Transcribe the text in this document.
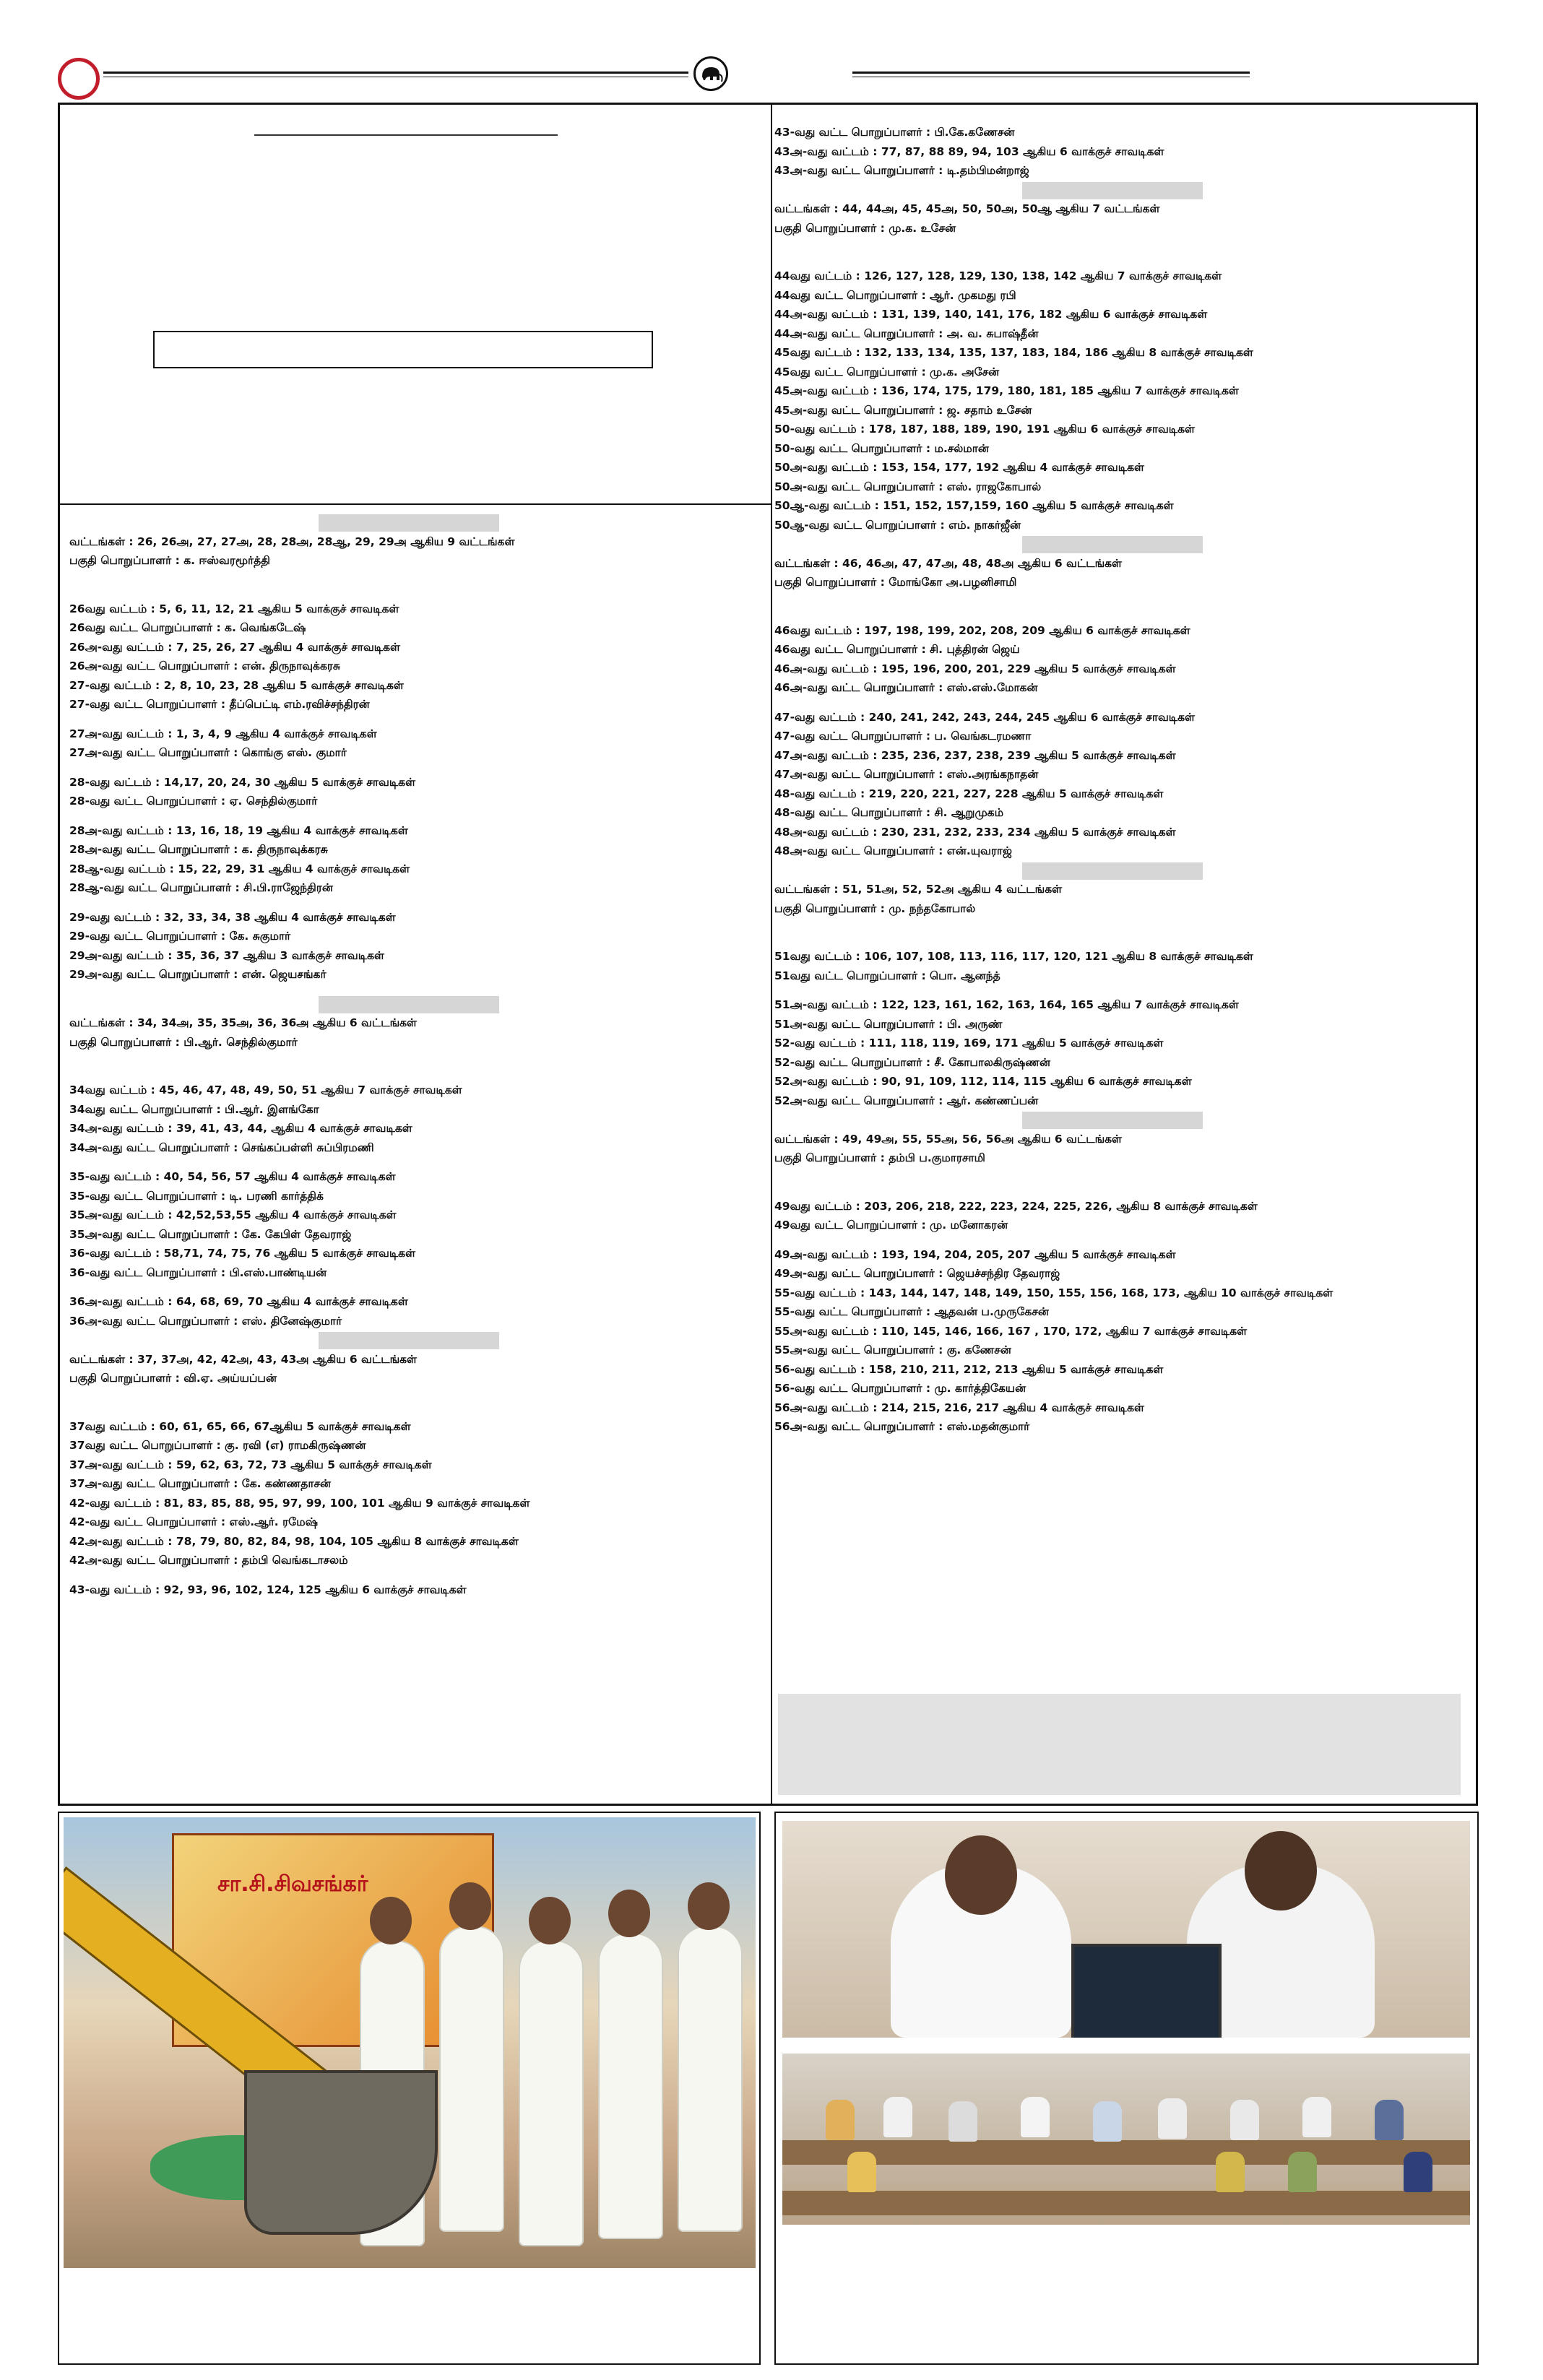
வட்டங்கள் : 26, 26அ, 27, 27அ, 28, 28அ, 28ஆ, 29, 29அ ஆகிய 9 வட்டங்கள்
பகுதி பொறுப்பாளர் : க. ஈஸ்வரமூர்த்தி
26வது வட்டம் : 5, 6, 11, 12, 21 ஆகிய 5 வாக்குச் சாவடிகள்
26வது வட்ட பொறுப்பாளர் : க. வெங்கடேஷ்
26அ-வது வட்டம் : 7, 25, 26, 27 ஆகிய 4 வாக்குச் சாவடிகள்
26அ-வது வட்ட பொறுப்பாளர் : என். திருநாவுக்கரசு
27-வது வட்டம் : 2, 8, 10, 23, 28 ஆகிய 5 வாக்குச் சாவடிகள்
27-வது வட்ட பொறுப்பாளர் : தீப்பெட்டி எம்.ரவிச்சந்திரன்
27அ-வது வட்டம் : 1, 3, 4, 9 ஆகிய 4 வாக்குச் சாவடிகள்
27அ-வது வட்ட பொறுப்பாளர் : கொங்கு எஸ். குமார்
28-வது வட்டம் : 14,17, 20, 24, 30 ஆகிய 5 வாக்குச் சாவடிகள்
28-வது வட்ட பொறுப்பாளர் : ஏ. செந்தில்குமார்
28அ-வது வட்டம் : 13, 16, 18, 19 ஆகிய 4 வாக்குச் சாவடிகள்
28அ-வது வட்ட பொறுப்பாளர் : க. திருநாவுக்கரசு
28ஆ-வது வட்டம் : 15, 22, 29, 31 ஆகிய 4 வாக்குச் சாவடிகள்
28ஆ-வது வட்ட பொறுப்பாளர் : சி.பி.ராஜேந்திரன்
29-வது வட்டம் : 32, 33, 34, 38 ஆகிய 4 வாக்குச் சாவடிகள்
29-வது வட்ட பொறுப்பாளர் : கே. சுகுமார்
29அ-வது வட்டம் : 35, 36, 37 ஆகிய 3 வாக்குச் சாவடிகள்
29அ-வது வட்ட பொறுப்பாளர் : என். ஜெயசங்கர்
வட்டங்கள் : 34, 34அ, 35, 35அ, 36, 36அ ஆகிய 6 வட்டங்கள்
பகுதி பொறுப்பாளர் : பி.ஆர். செந்தில்குமார்
34வது வட்டம் : 45, 46, 47, 48, 49, 50, 51 ஆகிய 7 வாக்குச் சாவடிகள்
34வது வட்ட பொறுப்பாளர் : பி.ஆர். இளங்கோ
34அ-வது வட்டம் : 39, 41, 43, 44, ஆகிய 4 வாக்குச் சாவடிகள்
34அ-வது வட்ட பொறுப்பாளர் : செங்கப்பள்ளி சுப்பிரமணி
35-வது வட்டம் : 40, 54, 56, 57 ஆகிய 4 வாக்குச் சாவடிகள்
35-வது வட்ட பொறுப்பாளர் : டி. பரணி கார்த்திக்
35அ-வது வட்டம் : 42,52,53,55 ஆகிய 4 வாக்குச் சாவடிகள்
35அ-வது வட்ட பொறுப்பாளர் : கே. கேபிள் தேவராஜ்
36-வது வட்டம் : 58,71, 74, 75, 76 ஆகிய 5 வாக்குச் சாவடிகள்
36-வது வட்ட பொறுப்பாளர் : பி.எஸ்.பாண்டியன்
36அ-வது வட்டம் : 64, 68, 69, 70 ஆகிய 4 வாக்குச் சாவடிகள்
36அ-வது வட்ட பொறுப்பாளர் : எஸ். தினேஷ்குமார்
வட்டங்கள் : 37, 37அ, 42, 42அ, 43, 43அ ஆகிய 6 வட்டங்கள்
பகுதி பொறுப்பாளர் : வி.ஏ. அய்யப்பன்
37வது வட்டம் : 60, 61, 65, 66, 67ஆகிய 5 வாக்குச் சாவடிகள்
37வது வட்ட பொறுப்பாளர் : கு. ரவி (எ) ராமகிருஷ்ணன்
37அ-வது வட்டம் : 59, 62, 63, 72, 73 ஆகிய 5 வாக்குச் சாவடிகள்
37அ-வது வட்ட பொறுப்பாளர் : கே. கண்ணதாசன்
42-வது வட்டம் : 81, 83, 85, 88, 95, 97, 99, 100, 101 ஆகிய 9 வாக்குச் சாவடிகள்
42-வது வட்ட பொறுப்பாளர் : எஸ்.ஆர். ரமேஷ்
42அ-வது வட்டம் : 78, 79, 80, 82, 84, 98, 104, 105 ஆகிய 8 வாக்குச் சாவடிகள்
42அ-வது வட்ட பொறுப்பாளர் : தம்பி வெங்கடாசலம்
43-வது வட்டம் : 92, 93, 96, 102, 124, 125 ஆகிய 6 வாக்குச் சாவடிகள்
43-வது வட்ட பொறுப்பாளர் : பி.கே.கணேசன்
43அ-வது வட்டம் : 77, 87, 88 89, 94, 103 ஆகிய 6 வாக்குச் சாவடிகள்
43அ-வது வட்ட பொறுப்பாளர் : டி.தம்பிமன்றாஜ்
வட்டங்கள் : 44, 44அ, 45, 45அ, 50, 50அ, 50ஆ ஆகிய 7 வட்டங்கள்
பகுதி பொறுப்பாளர் : மு.க. உசேன்
44வது வட்டம் : 126, 127, 128, 129, 130, 138, 142 ஆகிய 7 வாக்குச் சாவடிகள்
44வது வட்ட பொறுப்பாளர் : ஆர். முகமது ரபி
44அ-வது வட்டம் : 131, 139, 140, 141, 176, 182 ஆகிய 6 வாக்குச் சாவடிகள்
44அ-வது வட்ட பொறுப்பாளர் : அ. வ. சுபாஷ்தீன்
45வது வட்டம் : 132, 133, 134, 135, 137, 183, 184, 186 ஆகிய 8 வாக்குச் சாவடிகள்
45வது வட்ட பொறுப்பாளர் : மு.க. அசேன்
45அ-வது வட்டம் : 136, 174, 175, 179, 180, 181, 185 ஆகிய 7 வாக்குச் சாவடிகள்
45அ-வது வட்ட பொறுப்பாளர் : ஜ. சதாம் உசேன்
50-வது வட்டம் : 178, 187, 188, 189, 190, 191 ஆகிய 6 வாக்குச் சாவடிகள்
50-வது வட்ட பொறுப்பாளர் : ம.சல்மான்
50அ-வது வட்டம் : 153, 154, 177, 192 ஆகிய 4 வாக்குச் சாவடிகள்
50அ-வது வட்ட பொறுப்பாளர் : எஸ். ராஜகோபால்
50ஆ-வது வட்டம் : 151, 152, 157,159, 160 ஆகிய 5 வாக்குச் சாவடிகள்
50ஆ-வது வட்ட பொறுப்பாளர் : எம். நாகர்ஜீன்
வட்டங்கள் : 46, 46அ, 47, 47அ, 48, 48அ ஆகிய 6 வட்டங்கள்
பகுதி பொறுப்பாளர் : மோங்கோ அ.பழனிசாமி
46வது வட்டம் : 197, 198, 199, 202, 208, 209 ஆகிய 6 வாக்குச் சாவடிகள்
46வது வட்ட பொறுப்பாளர் : சி. புத்திரன் ஜெய்
46அ-வது வட்டம் : 195, 196, 200, 201, 229 ஆகிய 5 வாக்குச் சாவடிகள்
46அ-வது வட்ட பொறுப்பாளர் : எஸ்.எஸ்.மோகன்
47-வது வட்டம் : 240, 241, 242, 243, 244, 245 ஆகிய 6 வாக்குச் சாவடிகள்
47-வது வட்ட பொறுப்பாளர் : ப. வெங்கடரமணா
47அ-வது வட்டம் : 235, 236, 237, 238, 239 ஆகிய 5 வாக்குச் சாவடிகள்
47அ-வது வட்ட பொறுப்பாளர் : எஸ்.அரங்கநாதன்
48-வது வட்டம் : 219, 220, 221, 227, 228 ஆகிய 5 வாக்குச் சாவடிகள்
48-வது வட்ட பொறுப்பாளர் : சி. ஆறுமுகம்
48அ-வது வட்டம் : 230, 231, 232, 233, 234 ஆகிய 5 வாக்குச் சாவடிகள்
48அ-வது வட்ட பொறுப்பாளர் : என்.யுவராஜ்
வட்டங்கள் : 51, 51அ, 52, 52அ ஆகிய 4 வட்டங்கள்
பகுதி பொறுப்பாளர் : மு. நந்தகோபால்
51வது வட்டம் : 106, 107, 108, 113, 116, 117, 120, 121 ஆகிய 8 வாக்குச் சாவடிகள்
51வது வட்ட பொறுப்பாளர் : பொ. ஆனந்த்
51அ-வது வட்டம் : 122, 123, 161, 162, 163, 164, 165 ஆகிய 7 வாக்குச் சாவடிகள்
51அ-வது வட்ட பொறுப்பாளர் : பி. அருண்
52-வது வட்டம் : 111, 118, 119, 169, 171 ஆகிய 5 வாக்குச் சாவடிகள்
52-வது வட்ட பொறுப்பாளர் : சீ. கோபாலகிருஷ்ணன்
52அ-வது வட்டம் : 90, 91, 109, 112, 114, 115 ஆகிய 6 வாக்குச் சாவடிகள்
52அ-வது வட்ட பொறுப்பாளர் : ஆர். கண்ணப்பன்
வட்டங்கள் : 49, 49அ, 55, 55அ, 56, 56அ ஆகிய 6 வட்டங்கள்
பகுதி பொறுப்பாளர் : தம்பி ப.குமாரசாமி
49வது வட்டம் : 203, 206, 218, 222, 223, 224, 225, 226, ஆகிய 8 வாக்குச் சாவடிகள்
49வது வட்ட பொறுப்பாளர் : மு. மனோகரன்
49அ-வது வட்டம் : 193, 194, 204, 205, 207 ஆகிய 5 வாக்குச் சாவடிகள்
49அ-வது வட்ட பொறுப்பாளர் : ஜெயச்சந்திர தேவராஜ்
55-வது வட்டம் : 143, 144, 147, 148, 149, 150, 155, 156, 168, 173, ஆகிய 10 வாக்குச் சாவடிகள்
55-வது வட்ட பொறுப்பாளர் : ஆதவன் ப.முருகேசன்
55அ-வது வட்டம் : 110, 145, 146, 166, 167 , 170, 172, ஆகிய 7 வாக்குச் சாவடிகள்
55அ-வது வட்ட பொறுப்பாளர் : கு. கணேசன்
56-வது வட்டம் : 158, 210, 211, 212, 213 ஆகிய 5 வாக்குச் சாவடிகள்
56-வது வட்ட பொறுப்பாளர் : மு. கார்த்திகேயன்
56அ-வது வட்டம் : 214, 215, 216, 217 ஆகிய 4 வாக்குச் சாவடிகள்
56அ-வது வட்ட பொறுப்பாளர் : எஸ்.மதன்குமார்
சா.சி.சிவசங்கர்
